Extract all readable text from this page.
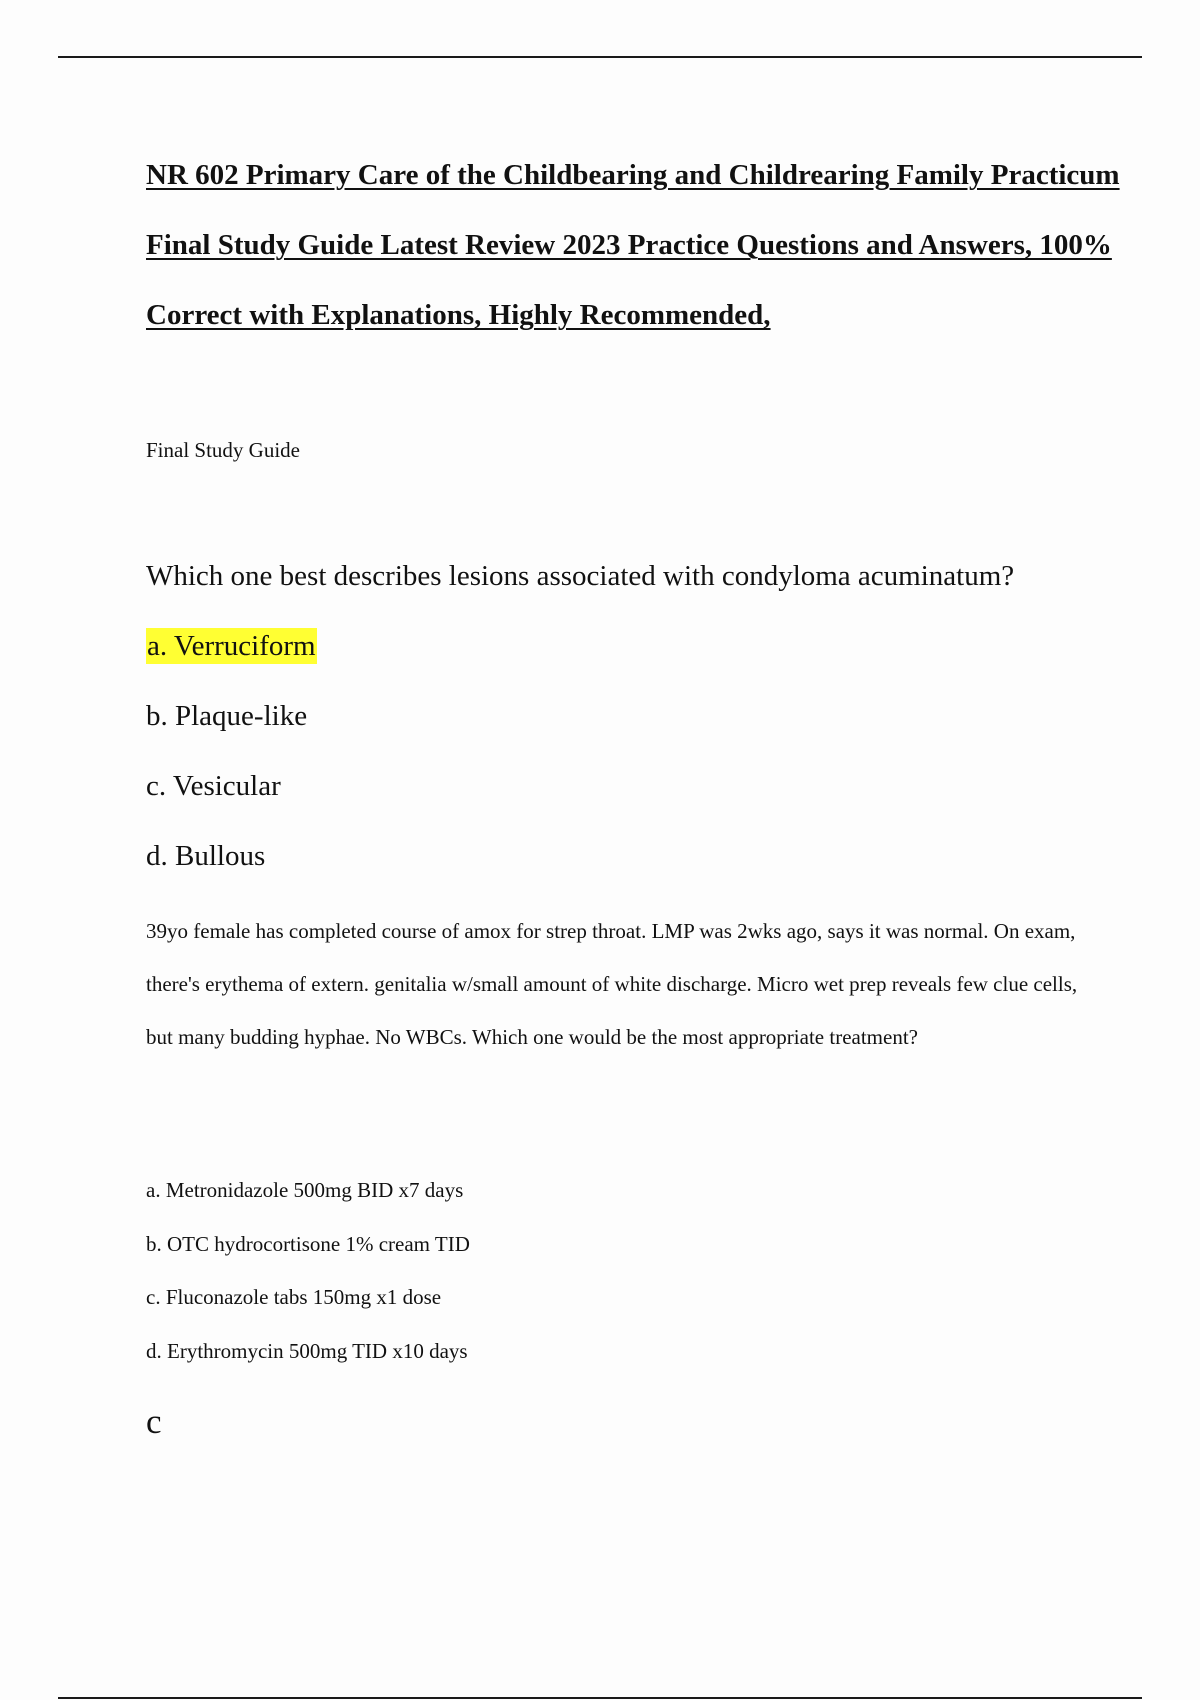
NR 602 Primary Care of the Childbearing and Childrearing Family Practicum Final Study Guide Latest Review 2023 Practice Questions and Answers, 100% Correct with Explanations, Highly Recommended,

Final Study Guide

Which one best describes lesions associated with condyloma acuminatum?

a. Verruciform

b. Plaque-like

c. Vesicular

d. Bullous

39yo female has completed course of amox for strep throat. LMP was 2wks ago, says it was normal. On exam, there's erythema of extern. genitalia w/small amount of white discharge. Micro wet prep reveals few clue cells, but many budding hyphae. No WBCs. Which one would be the most appropriate treatment?

a. Metronidazole 500mg BID x7 days

b. OTC hydrocortisone 1% cream TID

c. Fluconazole tabs 150mg x1 dose

d. Erythromycin 500mg TID x10 days

c
